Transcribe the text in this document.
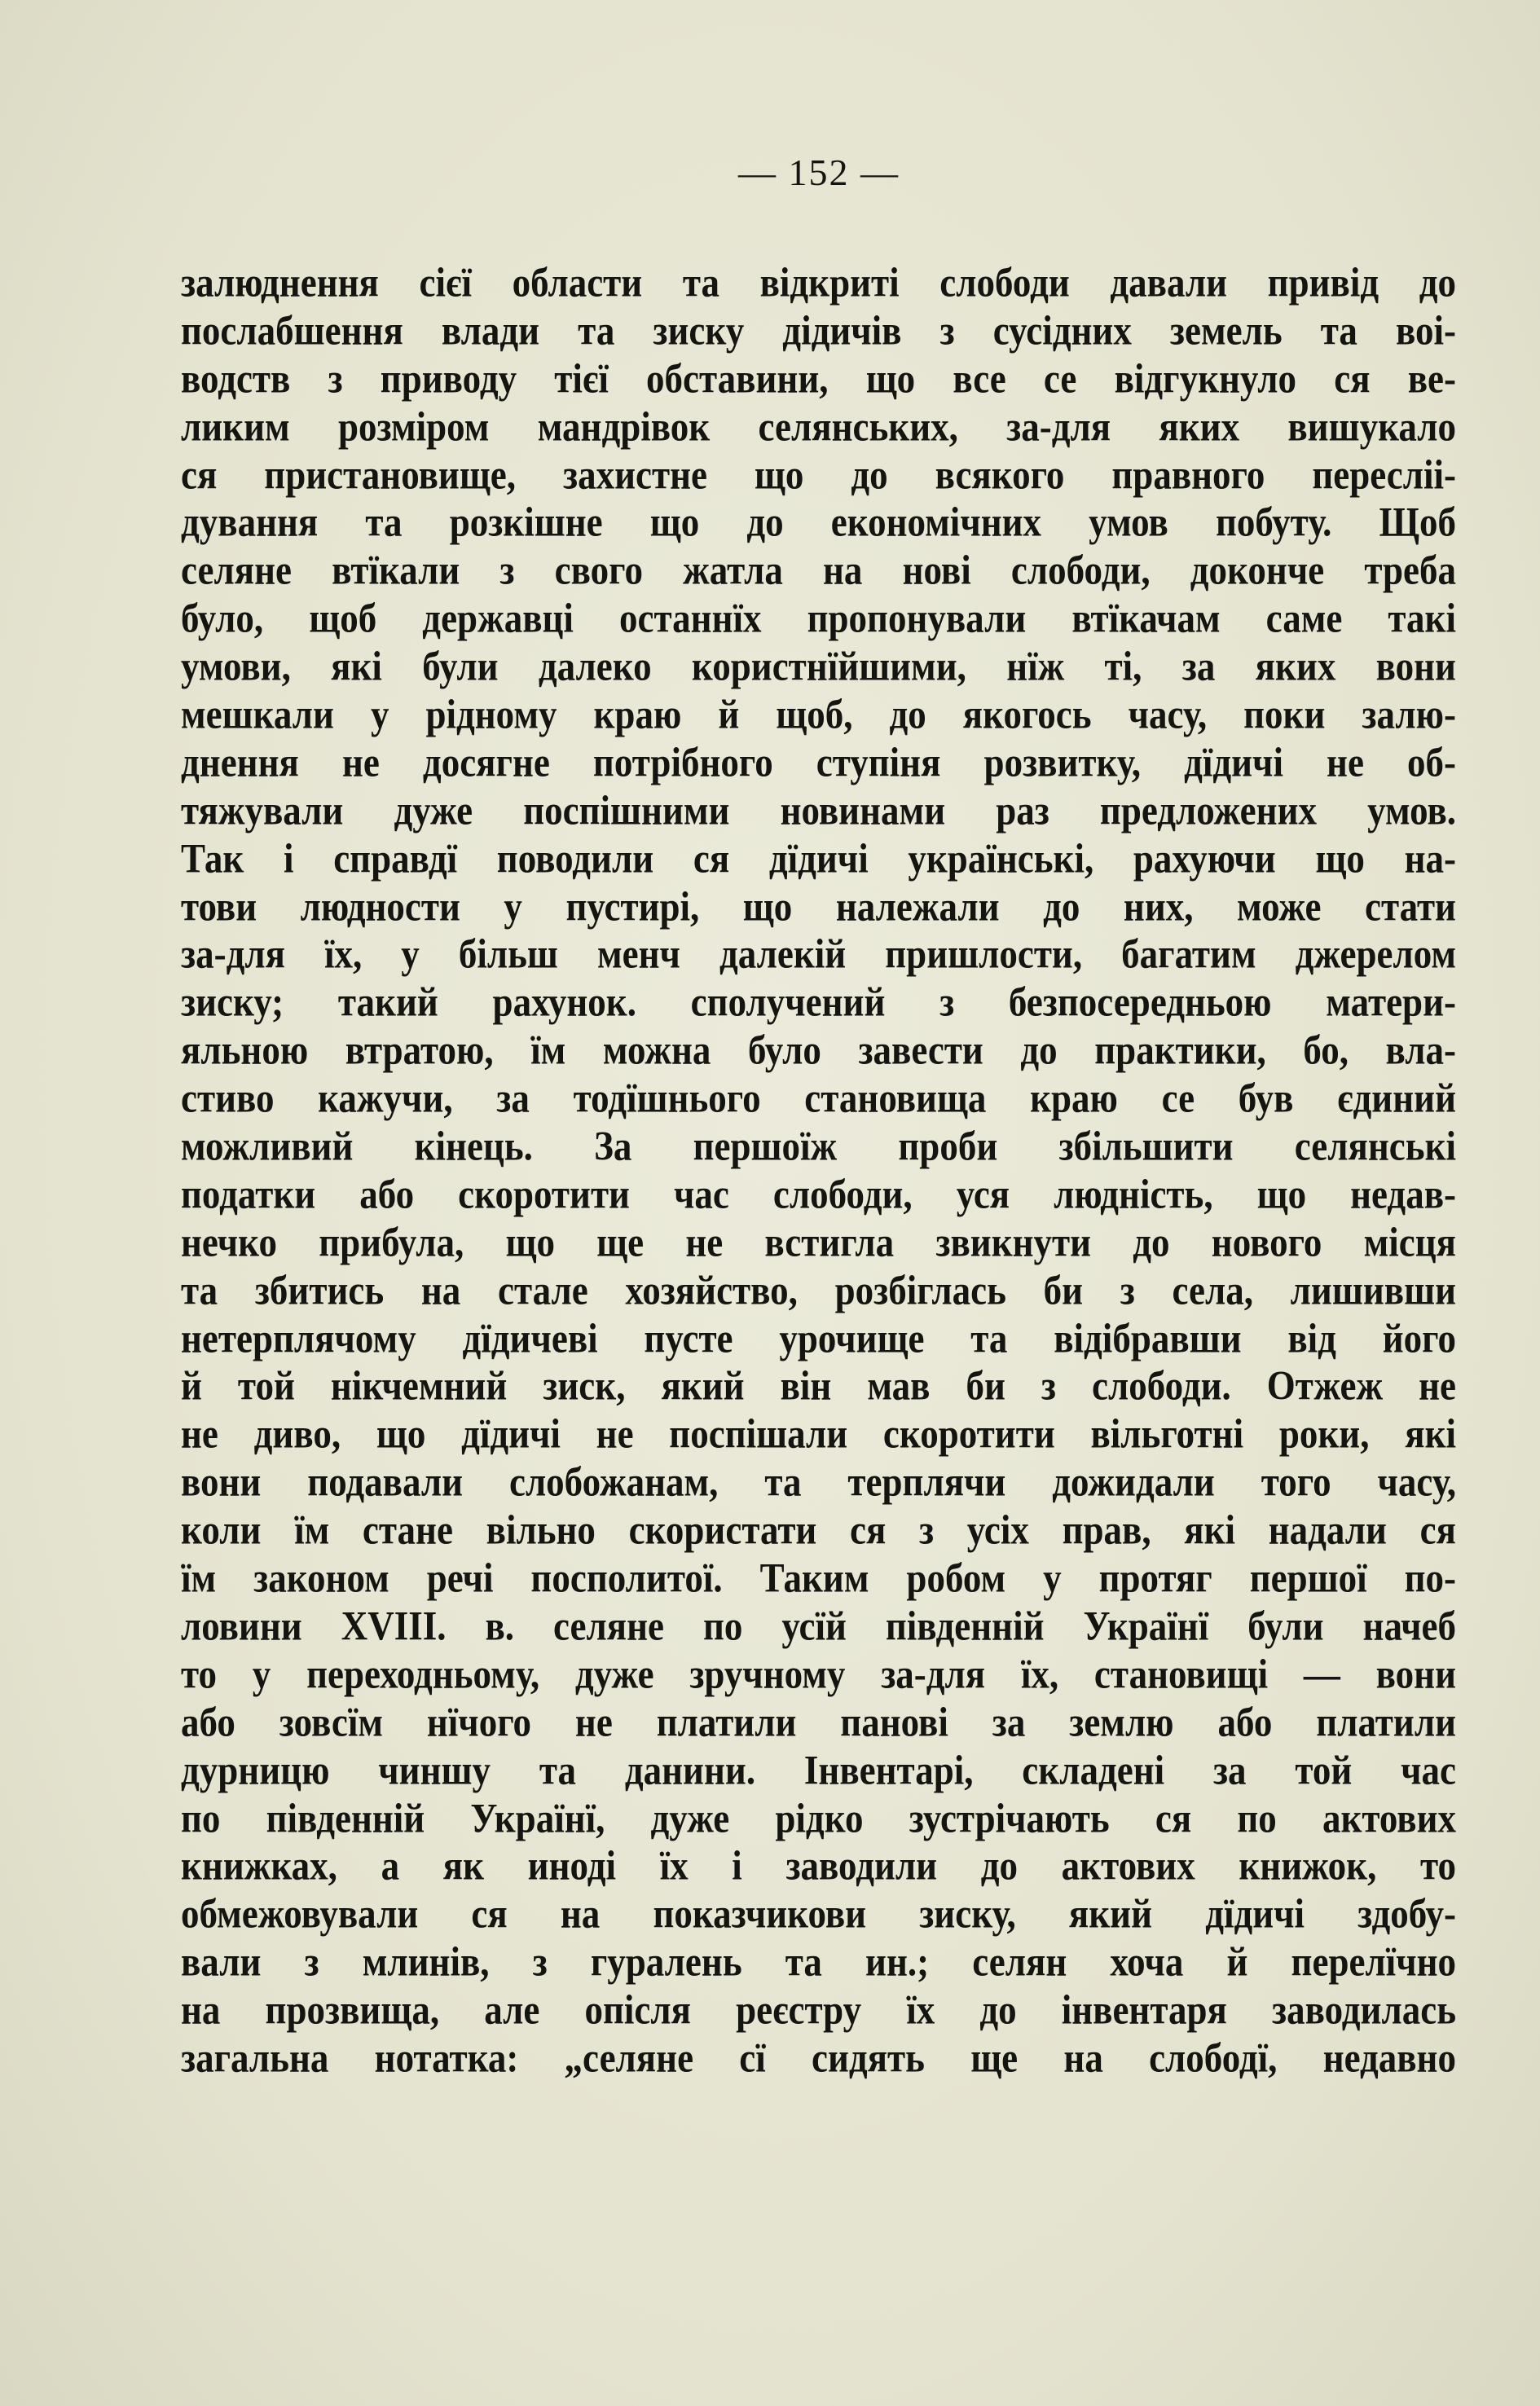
— 152 —
залюднення сієї области та відкриті слободи давали привід до
послабшення влади та зиску дідичів з сусідних земель та воі-
водств з приводу тієї обставини, що все се відгукнуло ся ве-
ликим розміром мандрівок селянських, за-для яких вишукало
ся пристановище, захистне що до всякого правного пересліі-
дування та розкішне що до економічних умов побуту. Щоб
селяне втїкали з свого жатла на нові слободи, доконче треба
було, щоб державці останнїх пропонували втїкачам саме такі
умови, які були далеко користнїйшими, нїж ті, за яких вони
мешкали у рідному краю й щоб, до якогось часу, поки залю-
днення не досягне потрібного ступіня розвитку, дїдичі не об-
тяжували дуже поспішними новинами раз предложених умов.
Так і справдї поводили ся дїдичі українські, рахуючи що на-
тови людности у пустирі, що належали до них, може стати
за-для їх, у більш менч далекій пришлости, багатим джерелом
зиску; такий рахунок. сполучений з безпосередньою матери-
яльною втратою, їм можна було завести до практики, бо, вла-
стиво кажучи, за тодїшнього становища краю се був єдиний
можливий кінець. За першоїж проби збільшити селянські
податки або скоротити час слободи, уся людність, що недав-
нечко прибула, що ще не встигла звикнути до нового місця
та збитись на стале хозяйство, розбіглась би з села, лишивши
нетерплячому дїдичеві пусте урочище та відібравши від його
й той нікчемний зиск, який він мав би з слободи. Отжеж не
не диво, що дїдичі не поспішали скоротити вільготні роки, які
вони подавали слобожанам, та терплячи дожидали того часу,
коли їм стане вільно скористати ся з усіх прав, які надали ся
їм законом речі посполитої. Таким робом у протяг першої по-
ловини XVIII. в. селяне по усїй південній Українї були начеб
то у переходньому, дуже зручному за-для їх, становищі — вони
або зовсїм нїчого не платили панові за землю або платили
дурницю чиншу та данини. Інвентарі, складені за той час
по південній Українї, дуже рідко зустрічають ся по актових
книжках, а як иноді їх і заводили до актових книжок, то
обмежовували ся на показчикови зиску, який дїдичі здобу-
вали з млинів, з гуралень та ин.; селян хоча й перелїчно
на прозвища, але опісля реєстру їх до інвентаря заводилась
загальна нотатка: „селяне сї сидять ще на слободї, недавно
